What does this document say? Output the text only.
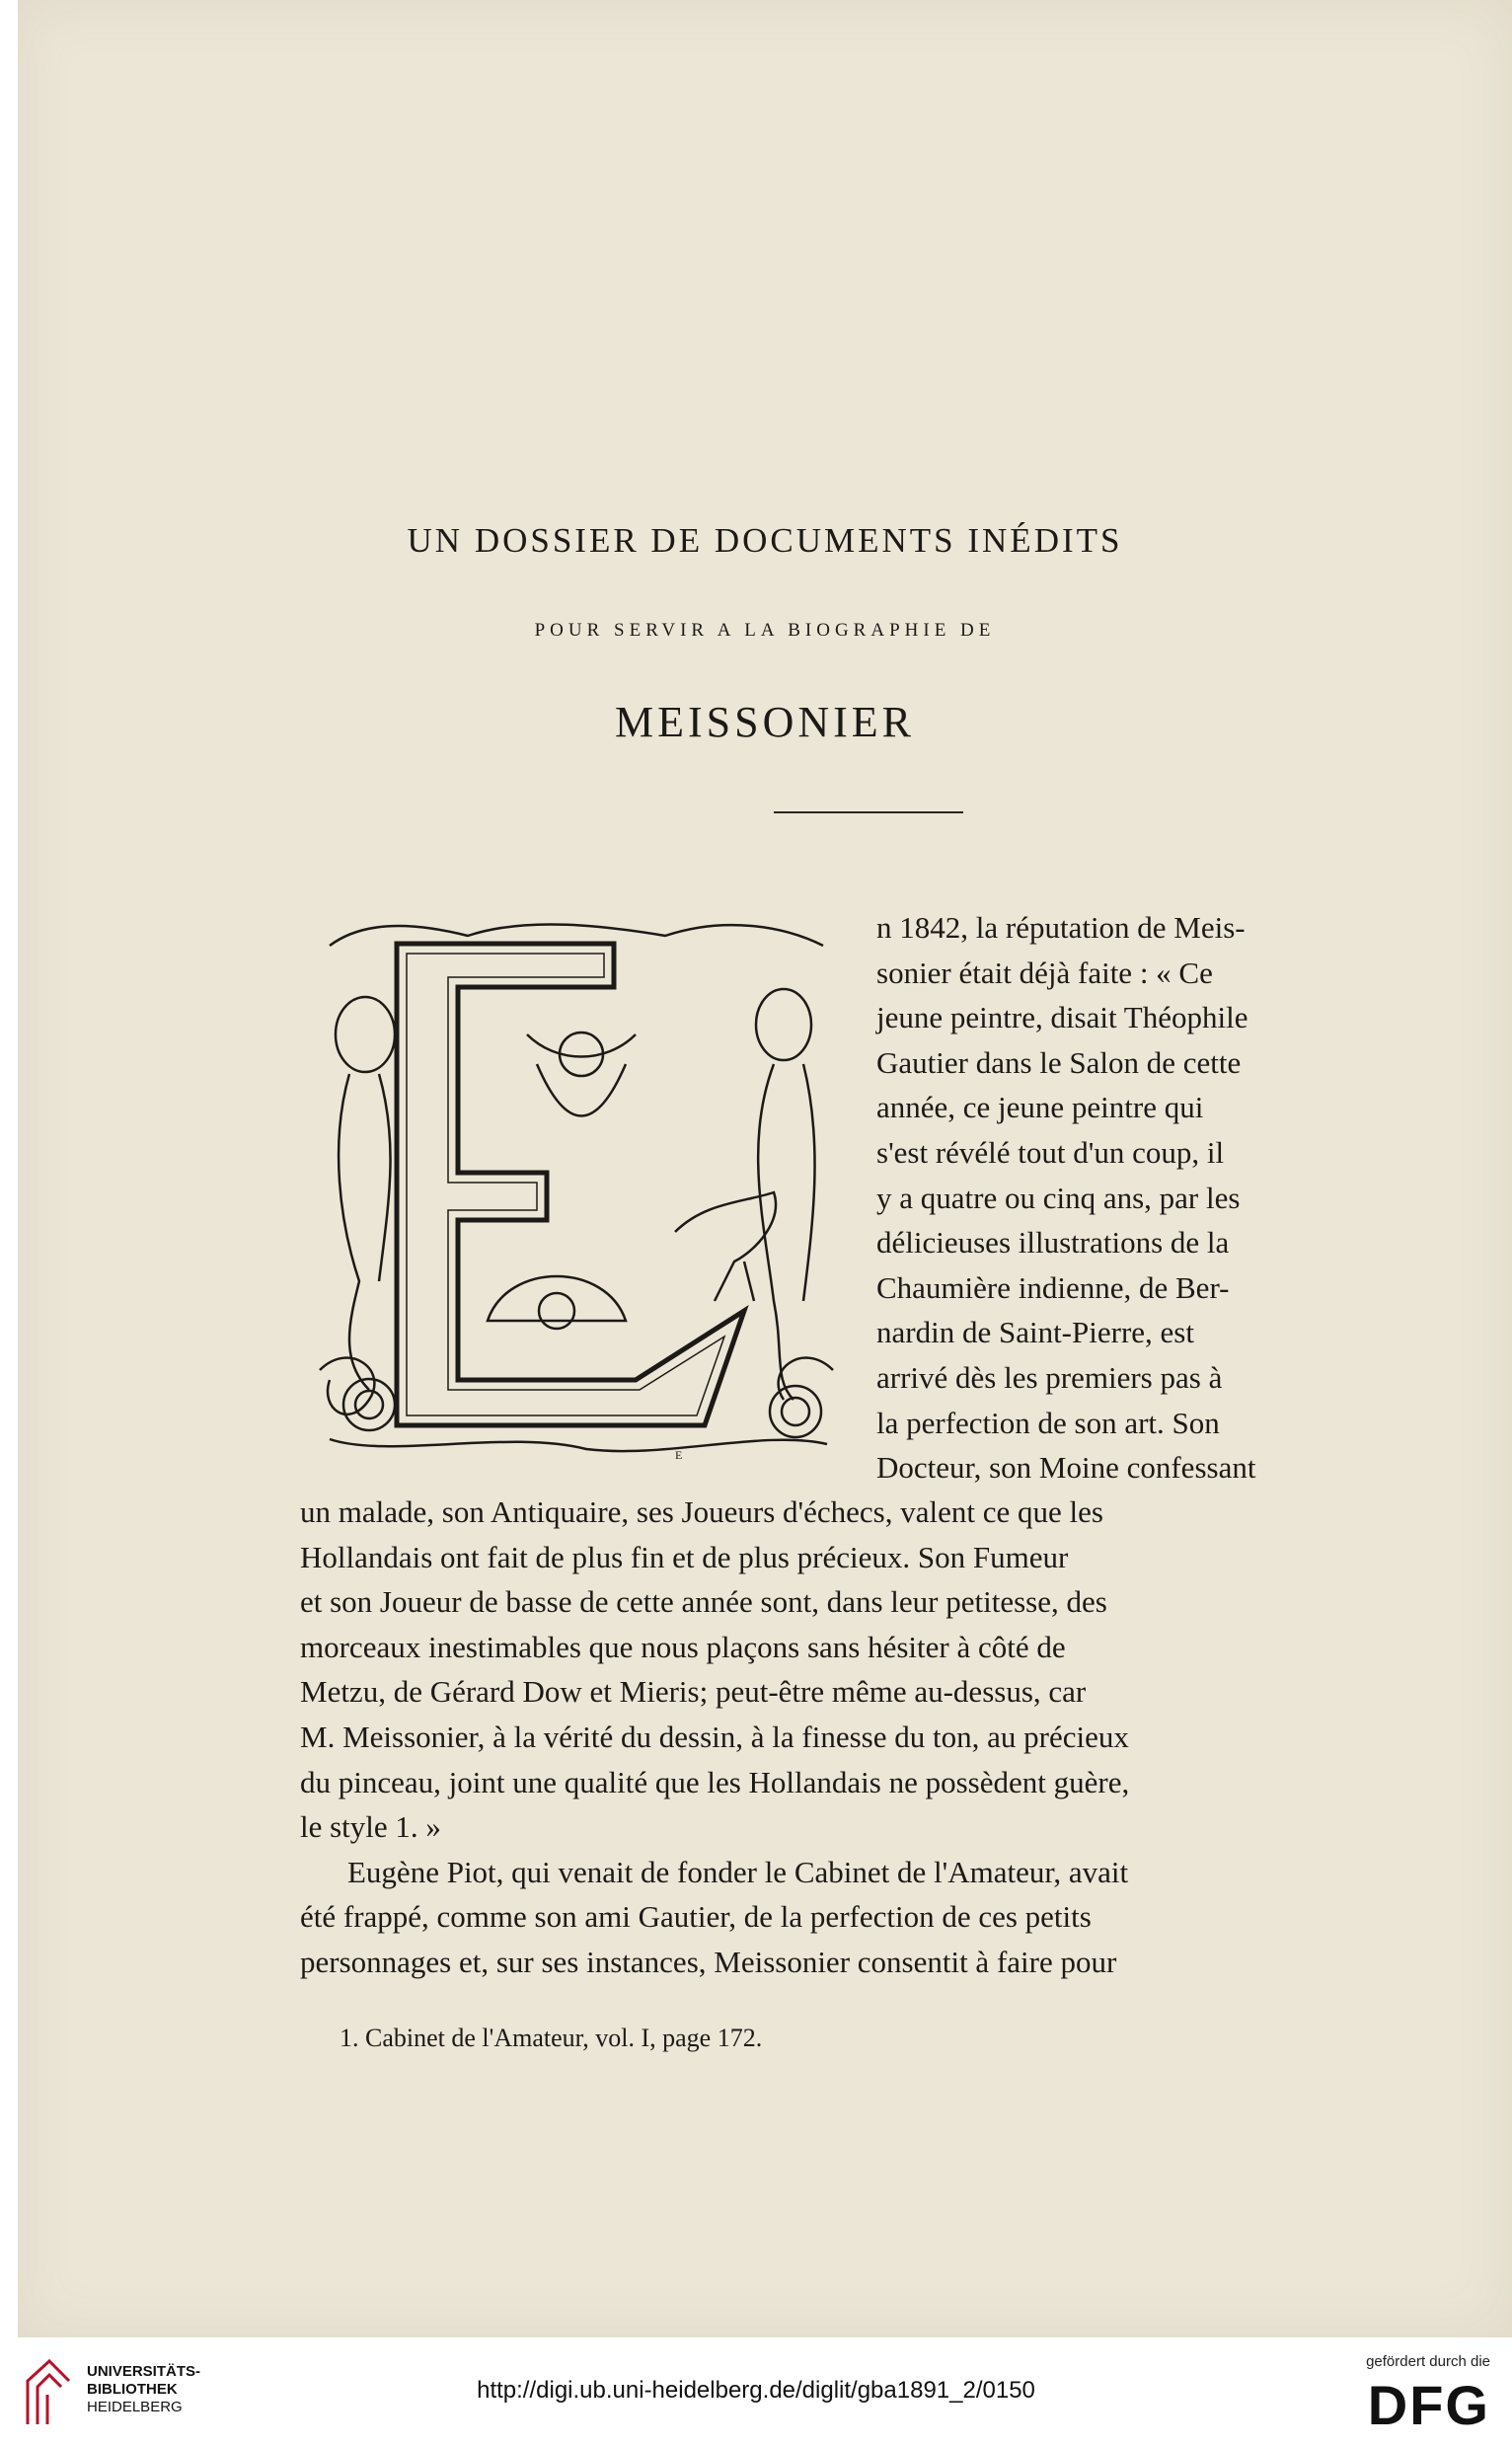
UN DOSSIER DE DOCUMENTS INÉDITS
POUR SERVIR A LA BIOGRAPHIE DE
MEISSONIER
E

n 1842, la réputation de Meis-

sonier était déjà faite : « Ce

jeune peintre, disait Théophile

Gautier dans le Salon de cette

année, ce jeune peintre qui

s'est révélé tout d'un coup, il

y a quatre ou cinq ans, par les

délicieuses illustrations de la

Chaumière indienne, de Ber-

nardin de Saint-Pierre, est

arrivé dès les premiers pas à

la perfection de son art. Son

Docteur, son Moine confessant

un malade, son Antiquaire, ses Joueurs d'échecs, valent ce que les

Hollandais ont fait de plus fin et de plus précieux. Son Fumeur

et son Joueur de basse de cette année sont, dans leur petitesse, des

morceaux inestimables que nous plaçons sans hésiter à côté de

Metzu, de Gérard Dow et Mieris; peut-être même au-dessus, car

M. Meissonier, à la vérité du dessin, à la finesse du ton, au précieux

du pinceau, joint une qualité que les Hollandais ne possèdent guère,

le style 1. »

Eugène Piot, qui venait de fonder le Cabinet de l'Amateur, avait

été frappé, comme son ami Gautier, de la perfection de ces petits

personnages et, sur ses instances, Meissonier consentit à faire pour

1. Cabinet de l'Amateur, vol. I, page 172.
UNIVERSITÄTS-
BIBLIOTHEK
HEIDELBERG
http://digi.ub.uni-heidelberg.de/diglit/gba1891_2/0150
gefördert durch die
DFG
